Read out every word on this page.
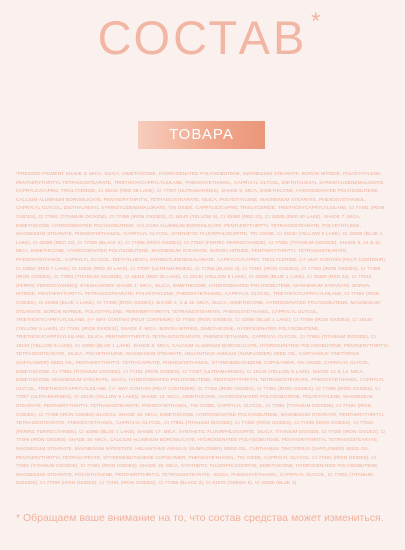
СОСТАВ *
ТОВАРА
*PRESSED PIGMENT SHADE 3: MICA, SILICA, DIMETHICONE, HYDROGENATED POLYISOBUTENE, MAGNESIUM STEARATE, BORON NITRIDE, POLYETHYLENE, PENTAERYTHRITYL TETRAISOSTEARATE, TRIETHOXYCAPRYLYLSILANE, PHENOXYETHANOL, CAPRYLYL GLYCOL, DIETHYLHEXYL SYRINGYLIDENEMALONATE, CAPRYLIC/CAPRIC TRIGLYCERIDE, CI 45410 (RED 28 LAKE), CI 77007 (ULTRAMARINES). SHADE 6: MICA, DIMETHICONE, HYDROGENATED POLYISOBUTENE, CALCIUM ALUMINUM BOROSILICATE, PENTAERYTHRITYL TETRAISOSTEARATE, SILICA, POLYETHYLENE, MAGNESIUM STEARATE, PHENOXYETHANOL, CAPRYLYL GLYCOL, DIETHYLHEXYL SYRINGYLIDENEMALONATE, TIN OXIDE, CAPRYLIC/CAPRIC TRIGLYCERIDE, TRIETHOXYCAPRYLYLSILANE, CI 77491 (IRON OXIDES), CI 77891 (TITANIUM DIOXIDE), CI 77499 (IRON OXIDES), CI 19140 (YELLOW 5), CI 45380 (RED 22), CI 16035 (RED 40 LAKE). SHADE 7: MICA, DIMETHICONE, HYDROGENATED POLYISOBUTENE, CALCIUM ALUMINUM BOROSILICATE, PENTAERYTHRITYL TETRAISOSTEARATE, POLYETHYLENE, MAGNESIUM STEARATE, PHENOXYETHANOL, CAPRYLYL GLYCOL, SYNTHETIC FLUORPHLOGOPITE, TIN OXIDE, CI 19140 (YELLOW 5 LAKE), CI 42090 (BLUE 1 LAKE), CI 45380 (RED 22), CI 77266 (BLACK 2), CI 77499 (IRON OXIDES), CI 77510 (FERRIC FERROCYANIDE), CI 77891 (TITANIUM DIOXIDE). SHADE 8, 10 & 11: MICA, DIMETHICONE, HYDROGENATED POLYISOBUTENE, MAGNESIUM STEARATE, BORON NITRIDE, PENTAERYTHRITYL TETRAISOSTEARATE, PHENOXYETHANOL, CAPRYLYL GLYCOL, DIETHYLHEXYL SYRINGYLIDENEMALONATE, CAPRYLIC/CAPRIC TRIGLYCERIDE. [+/- MAY CONTAIN (PEUT CONTENIR): CI 15850 (RED 7 LAKE), CI 16035 (RED 40 LAKE), CI 77007 (ULTRAMARINES), CI 77266 (BLACK 2), CI 77491 (IRON OXIDES), CI 77492 (IRON OXIDES), CI 77499 (IRON OXIDES), CI 77891 (TITANIUM DIOXIDE), CI 45410 (RED 28 LAKE), CI 19140 (YELLOW 5 LAKE), CI 42090 (BLUE 1 LAKE), CI 45380 (RED 22), CI 77510 (FERRIC FERROCYANIDE)]. EYESHADOWS SHADE 1: MICA, SILICA, DIMETHICONE, HYDROGENATED POLYISOBUTENE, MAGNESIUM STEARATE, BORON NITRIDE, PENTAERYTHRITYL TETRAISOSTEARATE, POLYETHYLENE, PHENOXYETHANOL, CAPRYLYL GLYCOL, TRIETHOXYCAPRYLYLSILANE, CI 77492 (IRON OXIDES), CI 42090 (BLUE 1 LAKE), CI 77499 (IRON OXIDES). SHADE 2, 3 & 11: MICA, SILICA, DIMETHICONE, HYDROGENATED POLYISOBUTENE, MAGNESIUM STEARATE, BORON NITRIDE, POLYETHYLENE, PENTAERYTHRITYL TETRAISOSTEARATE, PHENOXYETHANOL, CAPRYLYL GLYCOL, TRIETHOXYCAPRYLYLSILANE. [+/- MAY CONTAIN (PEUT CONTENIR): CI 77492 (IRON OXIDES), CI 42090 (BLUE 1 LAKE), CI 77499 (IRON OXIDES), CI 19140 (YELLOW 5 LAKE), CI 77491 (IRON OXIDES)]. SHADE 4: MICA, BORON NITRIDE, DIMETHICONE, HYDROGENATED POLYISOBUTENE, TRIETHOXYCAPRYLYLSILANE, SILICA, PENTAERYTHRITYL TETRAISOSTEARATE, PHENOXYETHANOL, CAPRYLYL GLYCOL, CI 77891 (TITANIUM DIOXIDE), CI 19140 (YELLOW 5 LAKE), CI 42090 (BLUE 1 LAKE). SHADE 5: MICA, CALCIUM ALUMINUM BOROSILICATE, HYDROGENATED POLYISOBUTENE, PENTAERYTHRITYL TETRAISOSTEARATE, SILICA, POLYETHYLENE, MAGNESIUM STEARATE, HELIANTHUS ANNUUS (SUNFLOWER) SEED OIL, CARTHAMUS TINCTORIUS (SAFFLOWER) SEED OIL, PENTAERYTHRITYL TETRACAPRATE, PHENOXYETHANOL, STYRENE/BUTADIENE COPOLYMER, TIN OXIDE, CAPRYLYL GLYCOL, DIMETHICONE, CI 77891 (TITANIUM DIOXIDE), CI 77491 (IRON OXIDES), CI 77007 (ULTRAMARINES), CI 19140 (YELLOW 5 LAKE). SHADE 12 & 14: MICA, DIMETHICONE, MAGNESIUM STEARATE, SILICA, HYDROGENATED POLYISOBUTENE, PENTAERYTHRITYL TETRAISOSTEARATE, PHENOXYETHANOL, CAPRYLYL GLYCOL, TRIETHOXYCAPRYLYLSILANE. [+/- MAY CONTAIN (PEUT CONTENIR): CI 77492 (IRON OXIDES), CI 77491 (IRON OXIDES), CI 77499 (IRON OXIDES), CI 77007 (ULTRAMARINES), CI 19140 (YELLOW 5 LAKE)]. SHADE 13: MICA, DIMETHICONE, HYDROGENATED POLYISOBUTENE, POLYETHYLENE, MAGNESIUM STEARATE, PENTAERYTHRITYL TETRAISOSTEARATE, PHENOXYETHANOL, TIN OXIDE, CAPRYLYL GLYCOL, CI 77891 (TITANIUM DIOXIDE), CI 77491 (IRON OXIDES), CI 77499 (IRON OXIDES) BLOCKS. SHADE 15: MICA, DIMETHICONE, HYDROGENATED POLYISOBUTENE, MAGNESIUM STEARATE, PENTAERYTHRITYL TETRAISOSTEARATE, PHENOXYETHANOL, CAPRYLYL GLYCOL, CI 77891 (TITANIUM DIOXIDE), CI 77492 (IRON OXIDES), CI 77499 (IRON OXIDES), CI 77510 (FERRIC FERROCYANIDE), CI 42090 (BLUE 1 LAKE). SHADE 17: MICA, SYNTHETIC FLUORPHLOGOPITE, SILICA, TITANIUM DIOXIDE, CI 77492 (IRON OXIDES), CI 77499 (IRON OXIDES). SHADE 16: MICA, CALCIUM ALUMINUM BOROSILICATE, HYDROGENATED POLYISOBUTENE, PENTAERYTHRITYL TETRAISOSTEARATE, MAGNESIUM STEARATE, MAGNESIUM MYRISTATE, HELIANTHUS ANNUUS (SUNFLOWER) SEED OIL, CARTHAMUS TINCTORIUS (SAFFLOWER) SEED OIL, PENTAERYTHRITYL TETRACAPRATE, STYRENE/BUTADIENE COPOLYMER, PHENOXYETHANOL, TIN OXIDE, CAPRYLYL GLYCOL, CI 77491 (IRON OXIDES), CI 77891 (TITANIUM DIOXIDE), CI 77491 (IRON OXIDES). SHADE 18: MICA, SYNTHETIC FLUORPHLOGOPITE, DIMETHICONE, HYDROGENATED POLYISOBUTENE, MAGNESIUM STEARATE, POLYETHYLENE, PENTAERYTHRITYL TETRAISOSTEARATE, SILICA, PHENOXYETHANOL, CAPRYLYL GLYCOL, CI 77891 (TITANIUM DIOXIDE), CI 77499 (IRON OXIDES), CI 77491 (IRON OXIDES), CI 77266 (BLACK 2), CI 61570 (GREEN 5), CI 42090 (BLUE 1).
* Обращаем ваше внимание на то, что состав средства может измениться.
